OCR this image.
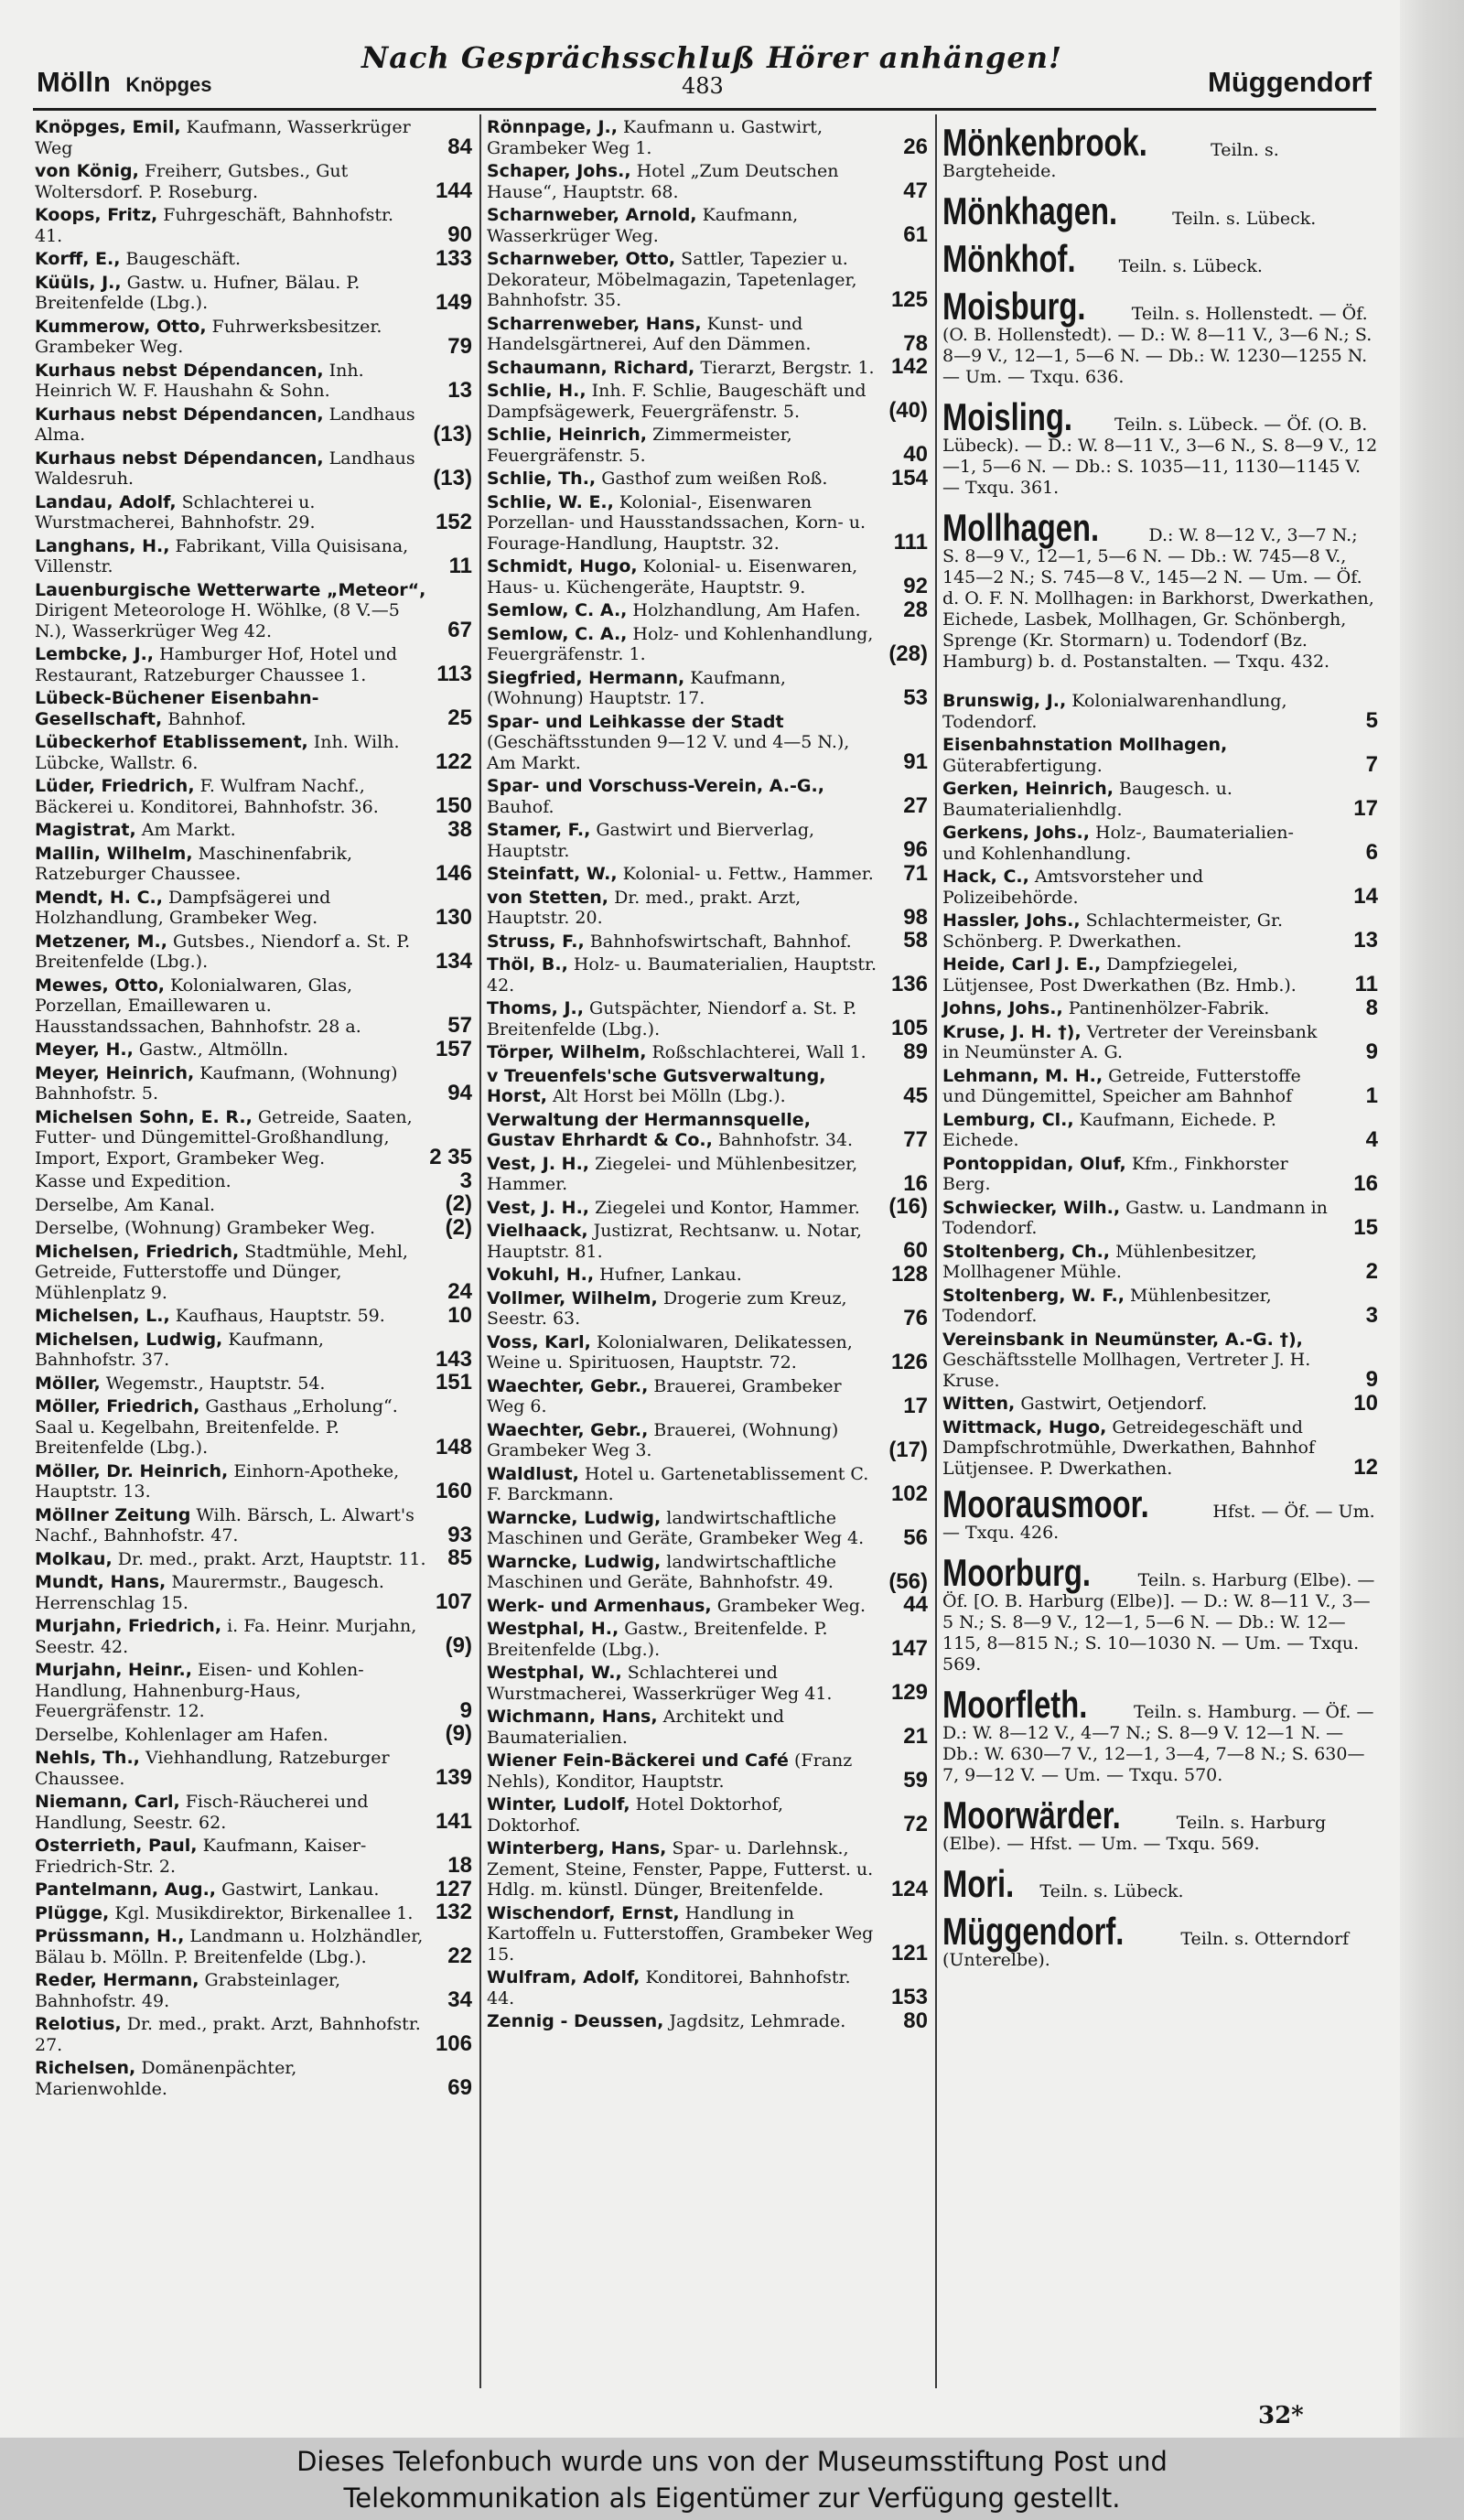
Mölln Knöpges
Nach Gesprächsschluß Hörer anhängen!
483	Müggendorf
Knöpges, Emil, Kaufmann, Wasserkrüger Weg	84
von König, Freiherr, Gutsbes., Gut Woltersdorf. P. Roseburg.	144
Koops, Fritz, Fuhrgeschäft, Bahnhofstr. 41.	90
Korff, E., Baugeschäft.	133
Küüls, J., Gastw. u. Hufner, Bälau. P. Breitenfelde (Lbg.).	149
Kummerow, Otto, Fuhrwerksbesitzer. Grambeker Weg.	79
Kurhaus nebst Dépendancen, Inh. Heinrich W. F. Haushahn & Sohn.	13
Kurhaus nebst Dépendancen, Landhaus Alma.	(13)
Kurhaus nebst Dépendancen, Landhaus Waldesruh.	(13)
Landau, Adolf, Schlachterei u. Wurstmacherei, Bahnhofstr. 29.	152
Langhans, H., Fabrikant, Villa Quisisana, Villenstr.	11
Lauenburgische Wetterwarte „Meteor“, Dirigent Meteorologe H. Wöhlke, (8 V.—5 N.), Wasserkrüger Weg 42.	67
Lembcke, J., Hamburger Hof, Hotel und Restaurant, Ratzeburger Chaussee 1.	113
Lübeck-Büchener Eisenbahn-Gesellschaft, Bahnhof.	25
Lübeckerhof Etablissement, Inh. Wilh. Lübcke, Wallstr. 6.	122
Lüder, Friedrich, F. Wulfram Nachf., Bäckerei u. Konditorei, Bahnhofstr. 36.	150
Magistrat, Am Markt.	38
Mallin, Wilhelm, Maschinenfabrik, Ratzeburger Chaussee.	146
Mendt, H. C., Dampfsägerei und Holzhandlung, Grambeker Weg.	130
Metzener, M., Gutsbes., Niendorf a. St. P. Breitenfelde (Lbg.).	134
Mewes, Otto, Kolonialwaren, Glas, Porzellan, Emaillewaren u. Hausstandssachen, Bahnhofstr. 28 a.	57
Meyer, H., Gastw., Altmölln.	157
Meyer, Heinrich, Kaufmann, (Wohnung) Bahnhofstr. 5.	94
Michelsen Sohn, E. R., Getreide, Saaten, Futter- und Düngemittel-Großhandlung, Import, Export, Grambeker Weg.	2 35
Kasse und Expedition.	3
Derselbe, Am Kanal.	(2)
Derselbe, (Wohnung) Grambeker Weg.	(2)
Michelsen, Friedrich, Stadtmühle, Mehl, Getreide, Futterstoffe und Dünger, Mühlenplatz 9.	24
Michelsen, L., Kaufhaus, Hauptstr. 59.	10
Michelsen, Ludwig, Kaufmann, Bahnhofstr. 37.	143
Möller, Wegemstr., Hauptstr. 54.	151
Möller, Friedrich, Gasthaus „Erholung“. Saal u. Kegelbahn, Breitenfelde. P. Breitenfelde (Lbg.).	148
Möller, Dr. Heinrich, Einhorn-Apotheke, Hauptstr. 13.	160
Möllner Zeitung Wilh. Bärsch, L. Alwart's Nachf., Bahnhofstr. 47.	93
Molkau, Dr. med., prakt. Arzt, Hauptstr. 11. 85
Mundt, Hans, Maurermstr., Baugesch. Herrenschlag 15.	107
Murjahn, Friedrich, i. Fa. Heinr. Murjahn, Seestr. 42.	(9)
Murjahn, Heinr., Eisen- und Kohlen-Handlung, Hahnenburg-Haus, Feuergräfenstr. 12.	9
Derselbe, Kohlenlager am Hafen.	(9)
Nehls, Th., Viehhandlung, Ratzeburger Chaussee.	139
Niemann, Carl, Fisch-Räucherei und Handlung, Seestr. 62.	141
Osterrieth, Paul, Kaufmann, Kaiser-Friedrich-Str. 2.	18
Pantelmann, Aug., Gastwirt, Lankau.	127
Plügge, Kgl. Musikdirektor, Birkenallee 1. 132
Prüssmann, H., Landmann u. Holzhändler, Bälau b. Mölln. P. Breitenfelde (Lbg.).	22
Reder, Hermann, Grabsteinlager, Bahnhofstr. 49.	34
Relotius, Dr. med., prakt. Arzt, Bahnhofstr. 27.	106
Richelsen, Domänenpächter, Marienwohlde.	69
Rönnpage, J., Kaufmann u. Gastwirt, Grambeker Weg 1.	26
Schaper, Johs., Hotel „Zum Deutschen Hause“, Hauptstr. 68.	47
Scharnweber, Arnold, Kaufmann, Wasserkrüger Weg.	61
Scharnweber, Otto, Sattler, Tapezier u. Dekorateur, Möbelmagazin, Tapetenlager, Bahnhofstr. 35.	125
Scharrenweber, Hans, Kunst- und Handelsgärtnerei, Auf den Dämmen.	78
Schaumann, Richard, Tierarzt, Bergstr. 1. 142
Schlie, H., Inh. F. Schlie, Baugeschäft und Dampfsägewerk, Feuergräfenstr. 5.	(40)
Schlie, Heinrich, Zimmermeister, Feuergräfenstr. 5.	40
Schlie, Th., Gasthof zum weißen Roß.	154
Schlie, W. E., Kolonial-, Eisenwaren Porzellan- und Hausstandssachen, Korn- u. Fourage-Handlung, Hauptstr. 32.	111
Schmidt, Hugo, Kolonial- u. Eisenwaren, Haus- u. Küchengeräte, Hauptstr. 9.	92
Semlow, C. A., Holzhandlung, Am Hafen. 28
Semlow, C. A., Holz- und Kohlenhandlung, Feuergräfenstr. 1.	(28)
Siegfried, Hermann, Kaufmann, (Wohnung) Hauptstr. 17.	53
Spar- und Leihkasse der Stadt (Geschäftsstunden 9—12 V. und 4—5 N.), Am Markt.	91
Spar- und Vorschuss-Verein, A.-G., Bauhof.	27
Stamer, F., Gastwirt und Bierverlag, Hauptstr.	96
Steinfatt, W., Kolonial- u. Fettw., Hammer. 71
von Stetten, Dr. med., prakt. Arzt, Hauptstr. 20.	98
Struss, F., Bahnhofswirtschaft, Bahnhof. 58
Thöl, B., Holz- u. Baumaterialien, Hauptstr. 42.	136
Thoms, J., Gutspächter, Niendorf a. St. P. Breitenfelde (Lbg.).	105
Törper, Wilhelm, Roßschlachterei, Wall 1. 89
v Treuenfels'sche Gutsverwaltung, Horst, Alt Horst bei Mölln (Lbg.).	45
Verwaltung der Hermannsquelle, Gustav Ehrhardt & Co., Bahnhofstr. 34. 77
Vest, J. H., Ziegelei- und Mühlenbesitzer, Hammer.	16
Vest, J. H., Ziegelei und Kontor, Hammer. (16)
Vielhaack, Justizrat, Rechtsanw. u. Notar, Hauptstr. 81.	60
Vokuhl, H., Hufner, Lankau.	128
Vollmer, Wilhelm, Drogerie zum Kreuz, Seestr. 63.	76
Voss, Karl, Kolonialwaren, Delikatessen, Weine u. Spirituosen, Hauptstr. 72.	126
Waechter, Gebr., Brauerei, Grambeker Weg 6.	17
Waechter, Gebr., Brauerei, (Wohnung) Grambeker Weg 3.	(17)
Waldlust, Hotel u. Gartenetablissement C. F. Barckmann.	102
Warncke, Ludwig, landwirtschaftliche Maschinen und Geräte, Grambeker Weg 4. 56
Warncke, Ludwig, landwirtschaftliche Maschinen und Geräte, Bahnhofstr. 49.	(56)
Werk- und Armenhaus, Grambeker Weg. 44
Westphal, H., Gastw., Breitenfelde. P. Breitenfelde (Lbg.).	147
Westphal, W., Schlachterei und Wurstmacherei, Wasserkrüger Weg 41.	129
Wichmann, Hans, Architekt und Baumaterialien.	21
Wiener Fein-Bäckerei und Café (Franz Nehls), Konditor, Hauptstr.	59
Winter, Ludolf, Hotel Doktorhof, Doktorhof.	72
Winterberg, Hans, Spar- u. Darlehnsk., Zement, Steine, Fenster, Pappe, Futterst. u. Hdlg. m. künstl. Dünger, Breitenfelde.	124
Wischendorf, Ernst, Handlung in Kartoffeln u. Futterstoffen, Grambeker Weg 15.	121
Wulfram, Adolf, Konditorei, Bahnhofstr. 44.	153
Zennig - Deussen, Jagdsitz, Lehmrade.	80
Mönkenbrook.	Teiln. s. Bargteheide.
Mönkhagen.	Teiln. s. Lübeck.
Mönkhof. Teiln. s. Lübeck.
Moisburg.	Teiln. s. Hollenstedt. — Öf. (O. B. Hollenstedt). — D.: W. 8—11 V., 3—6 N.; S. 8—9 V., 12—1, 5—6 N. — Db.: W. 1230—1255 N. — Um. — Txqu. 636.
Moisling. Teiln. s. Lübeck. — Öf. (O. B. Lübeck). — D.: W. 8—11 V., 3—6 N., S. 8—9 V., 12—1, 5—6 N. — Db.: S. 1035—11, 1130—1145 V. — Txqu. 361.
Mollhagen.	D.: W. 8—12 V., 3—7 N.; S. 8—9 V., 12—1, 5—6 N. — Db.: W. 745—8 V., 145—2 N.; S. 745—8 V., 145—2 N. — Um. — Öf. d. O. F. N. Mollhagen: in Barkhorst, Dwerkathen, Eichede, Lasbek, Mollhagen, Gr. Schönbergh, Sprenge (Kr. Stormarn) u. Todendorf (Bz. Hamburg) b. d. Postanstalten. — Txqu. 432.
Brunswig, J., Kolonialwarenhandlung, Todendorf.	5
Eisenbahnstation Mollhagen, Güterabfertigung.	7
Gerken, Heinrich, Baugesch. u. Baumaterialienhdlg.	17
Gerkens, Johs., Holz-, Baumaterialien- und Kohlenhandlung.	6
Hack, C., Amtsvorsteher und Polizeibehörde.	14
Hassler, Johs., Schlachtermeister, Gr. Schönberg. P. Dwerkathen.	13
Heide, Carl J. E., Dampfziegelei, Lütjensee, Post Dwerkathen (Bz. Hmb.).	11
Johns, Johs., Pantinenhölzer-Fabrik.	8
Kruse, J. H. †), Vertreter der Vereinsbank in Neumünster A. G.	9
Lehmann, M. H., Getreide, Futterstoffe und Düngemittel, Speicher am Bahnhof	1
Lemburg, Cl., Kaufmann, Eichede. P. Eichede.	4
Pontoppidan, Oluf, Kfm., Finkhorster Berg.	16
Schwiecker, Wilh., Gastw. u. Landmann in Todendorf.	15
Stoltenberg, Ch., Mühlenbesitzer, Mollhagener Mühle.	2
Stoltenberg, W. F., Mühlenbesitzer, Todendorf.	3
Vereinsbank in Neumünster, A.-G. †), Geschäftsstelle Mollhagen, Vertreter J. H. Kruse.	9
Witten, Gastwirt, Oetjendorf.	10
Wittmack, Hugo, Getreidegeschäft und Dampfschrotmühle, Dwerkathen, Bahnhof Lütjensee. P. Dwerkathen.	12
Moorausmoor.	Hfst. — Öf. — Um. — Txqu. 426.
Moorburg.	Teiln. s. Harburg (Elbe). — Öf. [O. B. Harburg (Elbe)]. — D.: W. 8—11 V., 3—5 N.; S. 8—9 V., 12—1, 5—6 N. — Db.: W. 12—115, 8—815 N.; S. 10—1030 N. — Um. — Txqu. 569.
Moorfleth.	Teiln. s. Hamburg. — Öf. — D.: W. 8—12 V., 4—7 N.; S. 8—9 V. 12—1 N. — Db.: W. 630—7 V., 12—1, 3—4, 7—8 N.; S. 630—7, 9—12 V. — Um. — Txqu. 570.
Moorwärder.	Teiln. s. Harburg (Elbe). — Hfst. — Um. — Txqu. 569.
Mori. Teiln. s. Lübeck.
Müggendorf.	Teiln. s. Otterndorf (Unterelbe).
32*
Dieses Telefonbuch wurde uns von der Museumsstiftung Post und
Telekommunikation als Eigentümer zur Verfügung gestellt.
